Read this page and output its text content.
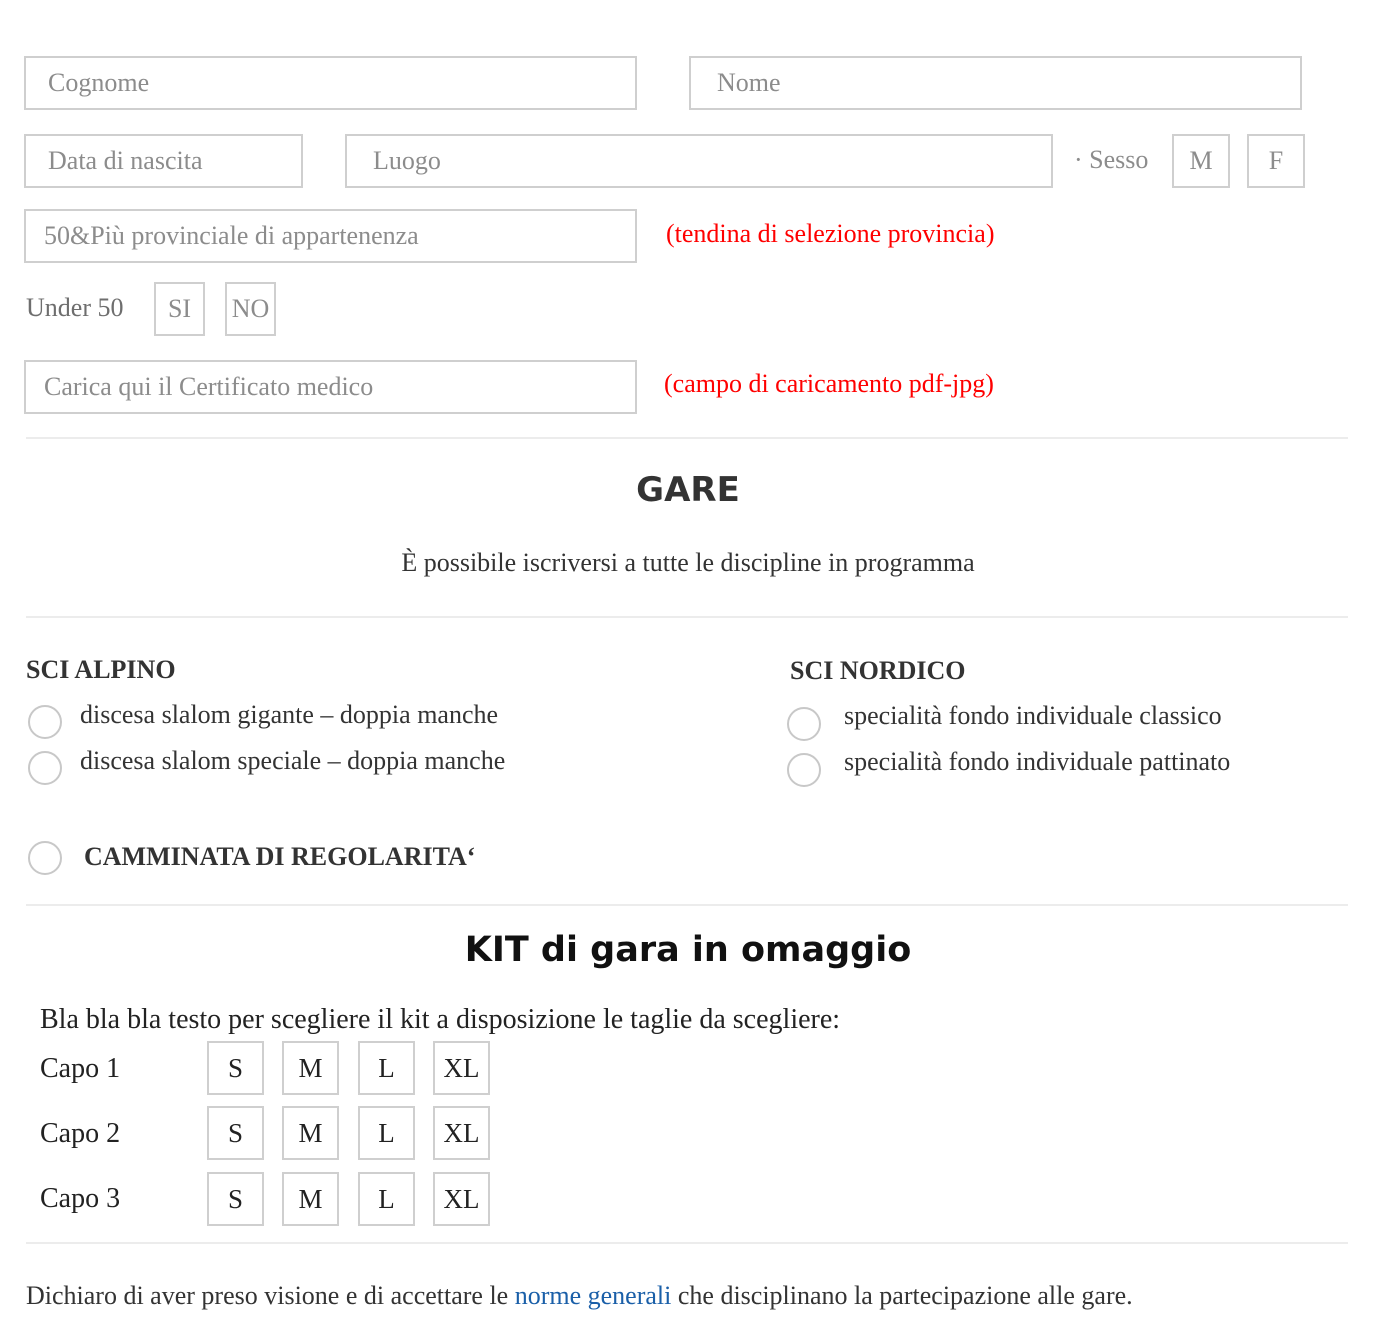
Cognome	Nome
Data di nascita	Luogo	· Sesso M F
50&Più provinciale di appartenenza	(tendina di selezione provincia)
Under 50 SI NO
Carica qui il Certificato medico	(campo di caricamento pdf-jpg)
GARE
È possibile iscriversi a tutte le discipline in programma
SCI ALPINO
discesa slalom gigante – doppia manche
discesa slalom speciale – doppia manche
SCI NORDICO
specialità fondo individuale classico
specialità fondo individuale pattinato
CAMMINATA DI REGOLARITA‘
KIT di gara in omaggio
Bla bla bla testo per scegliere il kit a disposizione le taglie da scegliere:
Capo 1	S M L XL
Capo 2	S M L XL
Capo 3	S M L XL
Dichiaro di aver preso visione e di accettare le norme generali che disciplinano la partecipazione alle gare.
